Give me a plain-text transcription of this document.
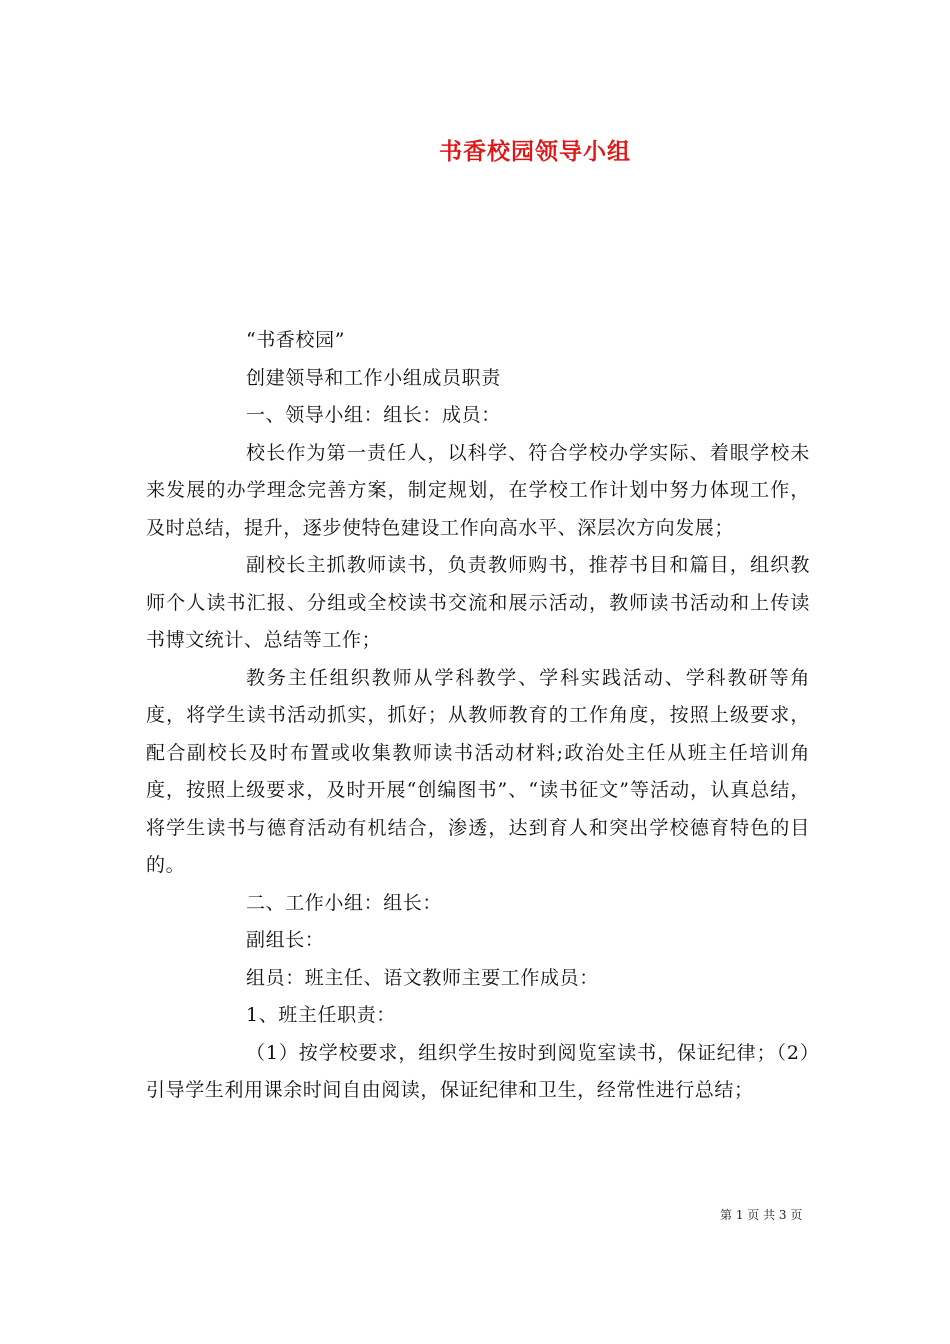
书香校园领导小组

“书香校园”

创建领导和工作小组成员职责

一、领导小组：组长：成员：

校长作为第一责任人，以科学、符合学校办学实际、着眼学校未来发展的办学理念完善方案，制定规划，在学校工作计划中努力体现工作，及时总结，提升，逐步使特色建设工作向高水平、深层次方向发展；

副校长主抓教师读书，负责教师购书，推荐书目和篇目，组织教师个人读书汇报、分组或全校读书交流和展示活动，教师读书活动和上传读书博文统计、总结等工作；

教务主任组织教师从学科教学、学科实践活动、学科教研等角度，将学生读书活动抓实，抓好；从教师教育的工作角度，按照上级要求，配合副校长及时布置或收集教师读书活动材料;政治处主任从班主任培训角度，按照上级要求，及时开展“创编图书”、“读书征文”等活动，认真总结，将学生读书与德育活动有机结合，渗透，达到育人和突出学校德育特色的目的。

二、工作小组：组长：

副组长：

组员：班主任、语文教师主要工作成员：

1、班主任职责：

（1）按学校要求，组织学生按时到阅览室读书，保证纪律；（2）引导学生利用课余时间自由阅读，保证纪律和卫生，经常性进行总结；

第 1 页 共 3 页
